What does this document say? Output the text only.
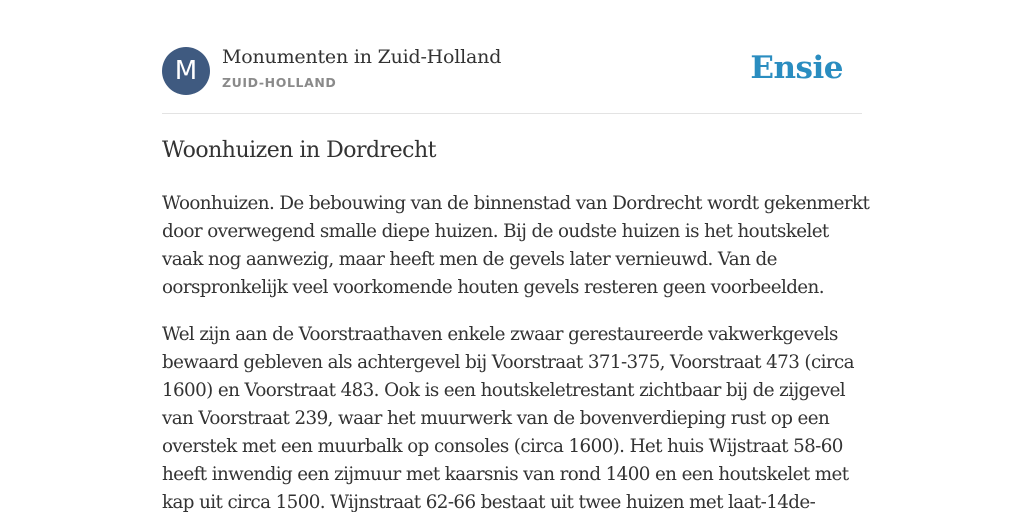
M	Monumenten in Zuid-Holland
ZUID-HOLLAND	Ensie
Woonhuizen in Dordrecht

Woonhuizen. De bebouwing van de binnenstad van Dordrecht wordt gekenmerkt
door overwegend smalle diepe huizen. Bij de oudste huizen is het houtskelet
vaak nog aanwezig, maar heeft men de gevels later vernieuwd. Van de
oorspronkelijk veel voorkomende houten gevels resteren geen voorbeelden.

Wel zijn aan de Voorstraathaven enkele zwaar gerestaureerde vakwerkgevels
bewaard gebleven als achtergevel bij Voorstraat 371-375, Voorstraat 473 (circa
1600) en Voorstraat 483. Ook is een houtskeletrestant zichtbaar bij de zijgevel
van Voorstraat 239, waar het muurwerk van de bovenverdieping rust op een
overstek met een muurbalk op consoles (circa 1600). Het huis Wijstraat 58-60
heeft inwendig een zijmuur met kaarsnis van rond 1400 en een houtskelet met
kap uit circa 1500. Wijnstraat 62-66 bestaat uit twee huizen met laat-14de-
